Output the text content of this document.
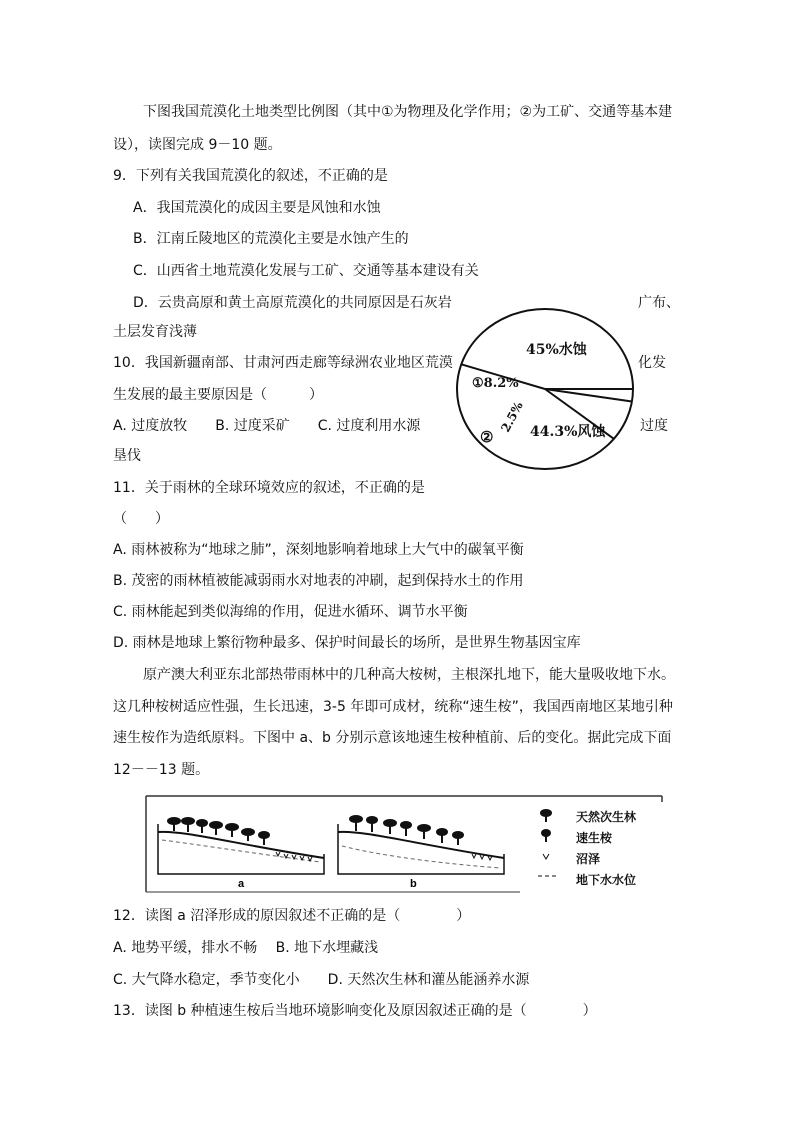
下图我国荒漠化土地类型比例图（其中①为物理及化学作用；②为工矿、交通等基本建
设），读图完成 9－10 题。
9．下列有关我国荒漠化的叙述，不正确的是
A．我国荒漠化的成因主要是风蚀和水蚀
B．江南丘陵地区的荒漠化主要是水蚀产生的
C．山西省土地荒漠化发展与工矿、交通等基本建设有关
D．云贵高原和黄土高原荒漠化的共同原因是石灰岩	广布、
土层发育浅薄
10．我国新疆南部、甘肃河西走廊等绿洲农业地区荒漠	化发
生发展的最主要原因是（　　　）
A. 过度放牧　　B. 过度采矿　　C. 过度利用水源	过度
垦伐
45%水蚀
44.3%风蚀
①8.2%
②
2.5%
11．关于雨林的全球环境效应的叙述，不正确的是
（　　）
A. 雨林被称为“地球之肺”，深刻地影响着地球上大气中的碳氧平衡
B. 茂密的雨林植被能减弱雨水对地表的冲刷，起到保持水土的作用
C. 雨林能起到类似海绵的作用，促进水循环、调节水平衡
D. 雨林是地球上繁衍物种最多、保护时间最长的场所，是世界生物基因宝库
原产澳大利亚东北部热带雨林中的几种高大桉树，主根深扎地下，能大量吸收地下水。
这几种桉树适应性强，生长迅速，3-5 年即可成材，统称“速生桉”，我国西南地区某地引种
速生桉作为造纸原料。下图中 a、b 分别示意该地速生桉种植前、后的变化。据此完成下面
12－－13 题。
a	b
天然次生林
速生桉
沼泽
地下水水位
12．读图 a 沼泽形成的原因叙述不正确的是（　　　　）
A. 地势平缓，排水不畅　 B. 地下水埋藏浅
C. 大气降水稳定，季节变化小　　D. 天然次生林和灌丛能涵养水源
13．读图 b 种植速生桉后当地环境影响变化及原因叙述正确的是（　　　　）
